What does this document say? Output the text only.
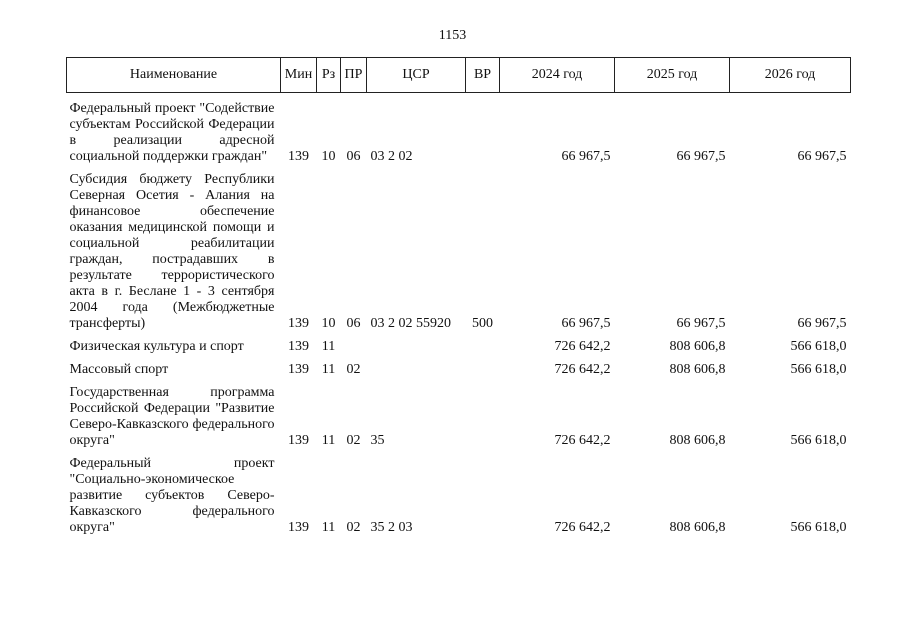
1153
Наименование	Мин	Рз	ПР	ЦСР	ВР	2024 год	2025 год	2026 год
Федеральный проект "Содействие субъектам Российской Федерации в реализации адресной социальной поддержки граждан"	139	10	06	03 2 02		66 967,5	66 967,5	66 967,5
Субсидия бюджету Республики Северная Осетия - Алания на финансовое обеспечение оказания медицинской помощи и социальной реабилитации граждан, пострадавших в результате террористического акта в г. Беслане 1 - 3 сентября 2004 года (Межбюджетные трансферты)	139	10	06	03 2 02 55920	500	66 967,5	66 967,5	66 967,5
Физическая культура и спорт	139	11				726 642,2	808 606,8	566 618,0
Массовый спорт	139	11	02			726 642,2	808 606,8	566 618,0
Государственная программа Российской Федерации "Развитие Северо-Кавказского федерального округа"	139	11	02	35		726 642,2	808 606,8	566 618,0
Федеральный проект "Социально-экономическое развитие субъектов Северо-Кавказского федерального округа"	139	11	02	35 2 03		726 642,2	808 606,8	566 618,0
